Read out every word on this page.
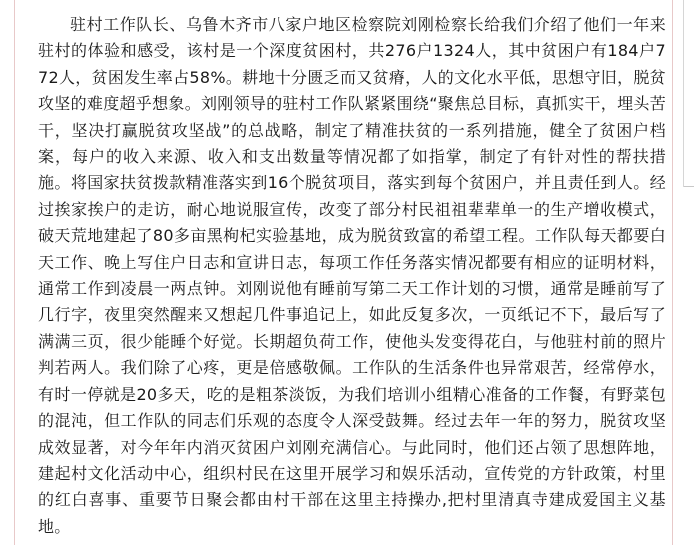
驻村工作队长、乌鲁木齐市八家户地区检察院刘刚检察长给我们介绍了他们一年来驻村的体验和感受，该村是一个深度贫困村，共276户1324人，其中贫困户有184户772人，贫困发生率占58%。耕地十分匮乏而又贫瘠，人的文化水平低，思想守旧，脱贫攻坚的难度超乎想象。刘刚领导的驻村工作队紧紧围绕“聚焦总目标，真抓实干，埋头苦干，坚决打赢脱贫攻坚战”的总战略，制定了精准扶贫的一系列措施，健全了贫困户档案，每户的收入来源、收入和支出数量等情况都了如指掌，制定了有针对性的帮扶措施。将国家扶贫拨款精准落实到16个脱贫项目，落实到每个贫困户，并且责任到人。经过挨家挨户的走访，耐心地说服宣传，改变了部分村民祖祖辈辈单一的生产增收模式，破天荒地建起了80多亩黑枸杞实验基地，成为脱贫致富的希望工程。工作队每天都要白天工作、晚上写住户日志和宣讲日志，每项工作任务落实情况都要有相应的证明材料，通常工作到凌晨一两点钟。刘刚说他有睡前写第二天工作计划的习惯，通常是睡前写了几行字，夜里突然醒来又想起几件事追记上，如此反复多次，一页纸记不下，最后写了满满三页，很少能睡个好觉。长期超负荷工作，使他头发变得花白，与他驻村前的照片判若两人。我们除了心疼，更是倍感敬佩。工作队的生活条件也异常艰苦，经常停水，有时一停就是20多天，吃的是粗茶淡饭，为我们培训小组精心准备的工作餐，有野菜包的混沌，但工作队的同志们乐观的态度令人深受鼓舞。经过去年一年的努力，脱贫攻坚成效显著，对今年年内消灭贫困户刘刚充满信心。与此同时，他们还占领了思想阵地，建起村文化活动中心，组织村民在这里开展学习和娱乐活动，宣传党的方针政策，村里的红白喜事、重要节日聚会都由村干部在这里主持操办,把村里清真寺建成爱国主义基地。
